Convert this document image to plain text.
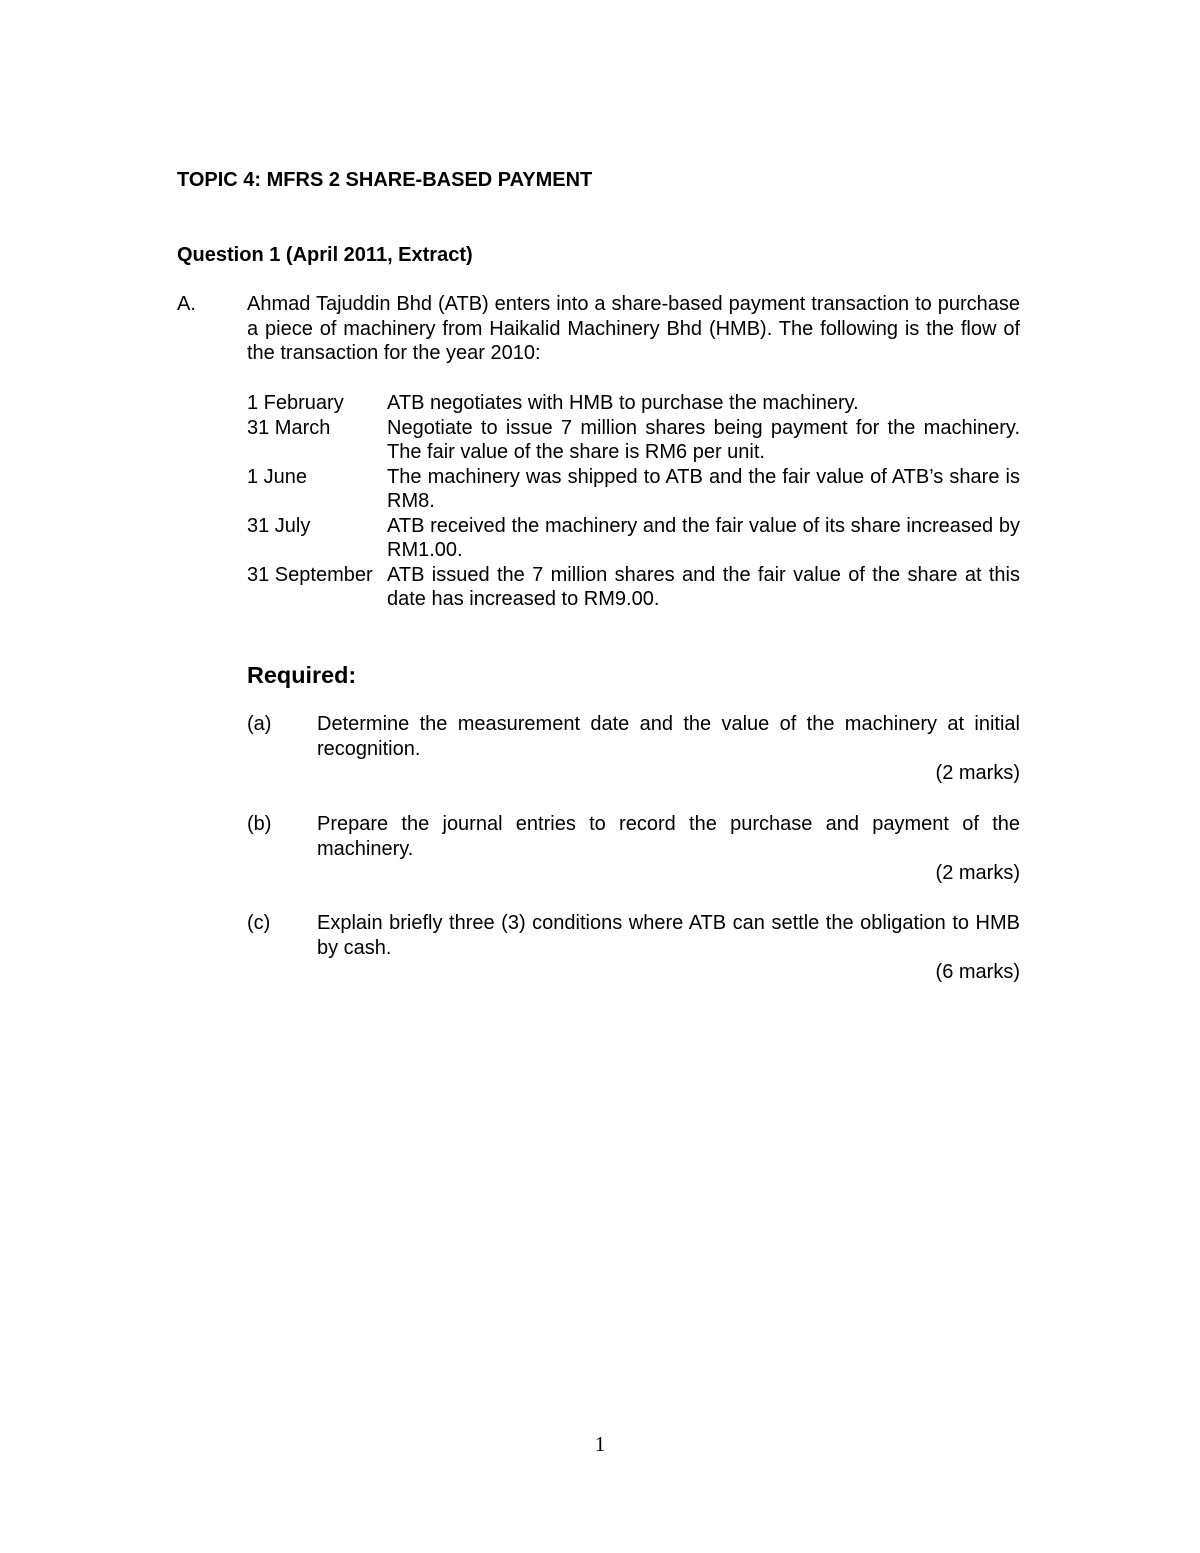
TOPIC 4: MFRS 2 SHARE-BASED PAYMENT
Question 1 (April 2011, Extract)
A.	Ahmad Tajuddin Bhd (ATB) enters into a share-based payment transaction to purchase a piece of machinery from Haikalid Machinery Bhd (HMB). The following is the flow of the transaction for the year 2010:

1 February	ATB negotiates with HMB to purchase the machinery.
31 March	Negotiate to issue 7 million shares being payment for the machinery. The fair value of the share is RM6 per unit.
1 June	The machinery was shipped to ATB and the fair value of ATB’s share is RM8.
31 July	ATB received the machinery and the fair value of its share increased by RM1.00.
31 September ATB issued the 7 million shares and the fair value of the share at this date has increased to RM9.00.
Required:
(a)	Determine the measurement date and the value of the machinery at initial recognition.
(2 marks)
(b)	Prepare the journal entries to record the purchase and payment of the machinery.
(2 marks)
(c)	Explain briefly three (3) conditions where ATB can settle the obligation to HMB by cash.
(6 marks)
1
